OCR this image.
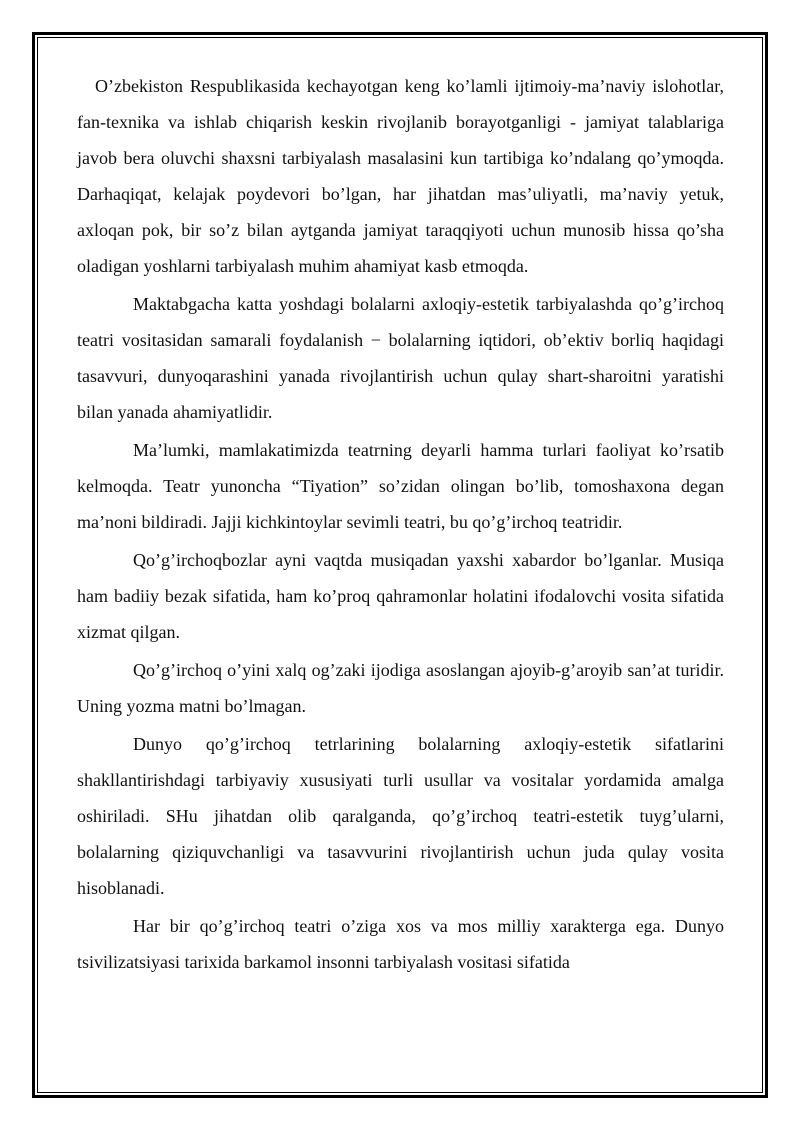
O’zbekiston Respublikasida kechayotgan keng ko’lamli ijtimoiy-ma’naviy islohotlar, fan-texnika va ishlab chiqarish keskin rivojlanib borayotganligi - jamiyat talablariga javob bera oluvchi shaxsni tarbiyalash masalasini kun tartibiga ko’ndalang qo’ymoqda. Darhaqiqat, kelajak poydevori bo’lgan, har jihatdan mas’uliyatli, ma’naviy yetuk, axloqan pok, bir so’z bilan aytganda jamiyat taraqqiyoti uchun munosib hissa qo’sha oladigan yoshlarni tarbiyalash muhim ahamiyat kasb etmoqda.

Maktabgacha katta yoshdagi bolalarni axloqiy-estetik tarbiyalashda qo’g’irchoq teatri vositasidan samarali foydalanish − bolalarning iqtidori, ob’ektiv borliq haqidagi tasavvuri, dunyoqarashini yanada rivojlantirish uchun qulay shart-sharoitni yaratishi bilan yanada ahamiyatlidir.

Ma’lumki, mamlakatimizda teatrning deyarli hamma turlari faoliyat ko’rsatib kelmoqda. Teatr yunoncha “Tiyation” so’zidan olingan bo’lib, tomoshaxona degan ma’noni bildiradi. Jajji kichkintoylar sevimli teatri, bu qo’g’irchoq teatridir.

Qo’g’irchoqbozlar ayni vaqtda musiqadan yaxshi xabardor bo’lganlar. Musiqa ham badiiy bezak sifatida, ham ko’proq qahramonlar holatini ifodalovchi vosita sifatida xizmat qilgan.

Qo’g’irchoq o’yini xalq og’zaki ijodiga asoslangan ajoyib-g’aroyib san’at turidir. Uning yozma matni bo’lmagan.

Dunyo qo’g’irchoq tetrlarining bolalarning axloqiy-estetik sifatlarini shakllantirishdagi tarbiyaviy xususiyati turli usullar va vositalar yordamida amalga oshiriladi. SHu jihatdan olib qaralganda, qo’g’irchoq teatri-estetik tuyg’ularni, bolalarning qiziquvchanligi va tasavvurini rivojlantirish uchun juda qulay vosita hisoblanadi.

Har bir qo’g’irchoq teatri o’ziga xos va mos milliy xarakterga ega. Dunyo tsivilizatsiyasi tarixida barkamol insonni tarbiyalash vositasi sifatida
